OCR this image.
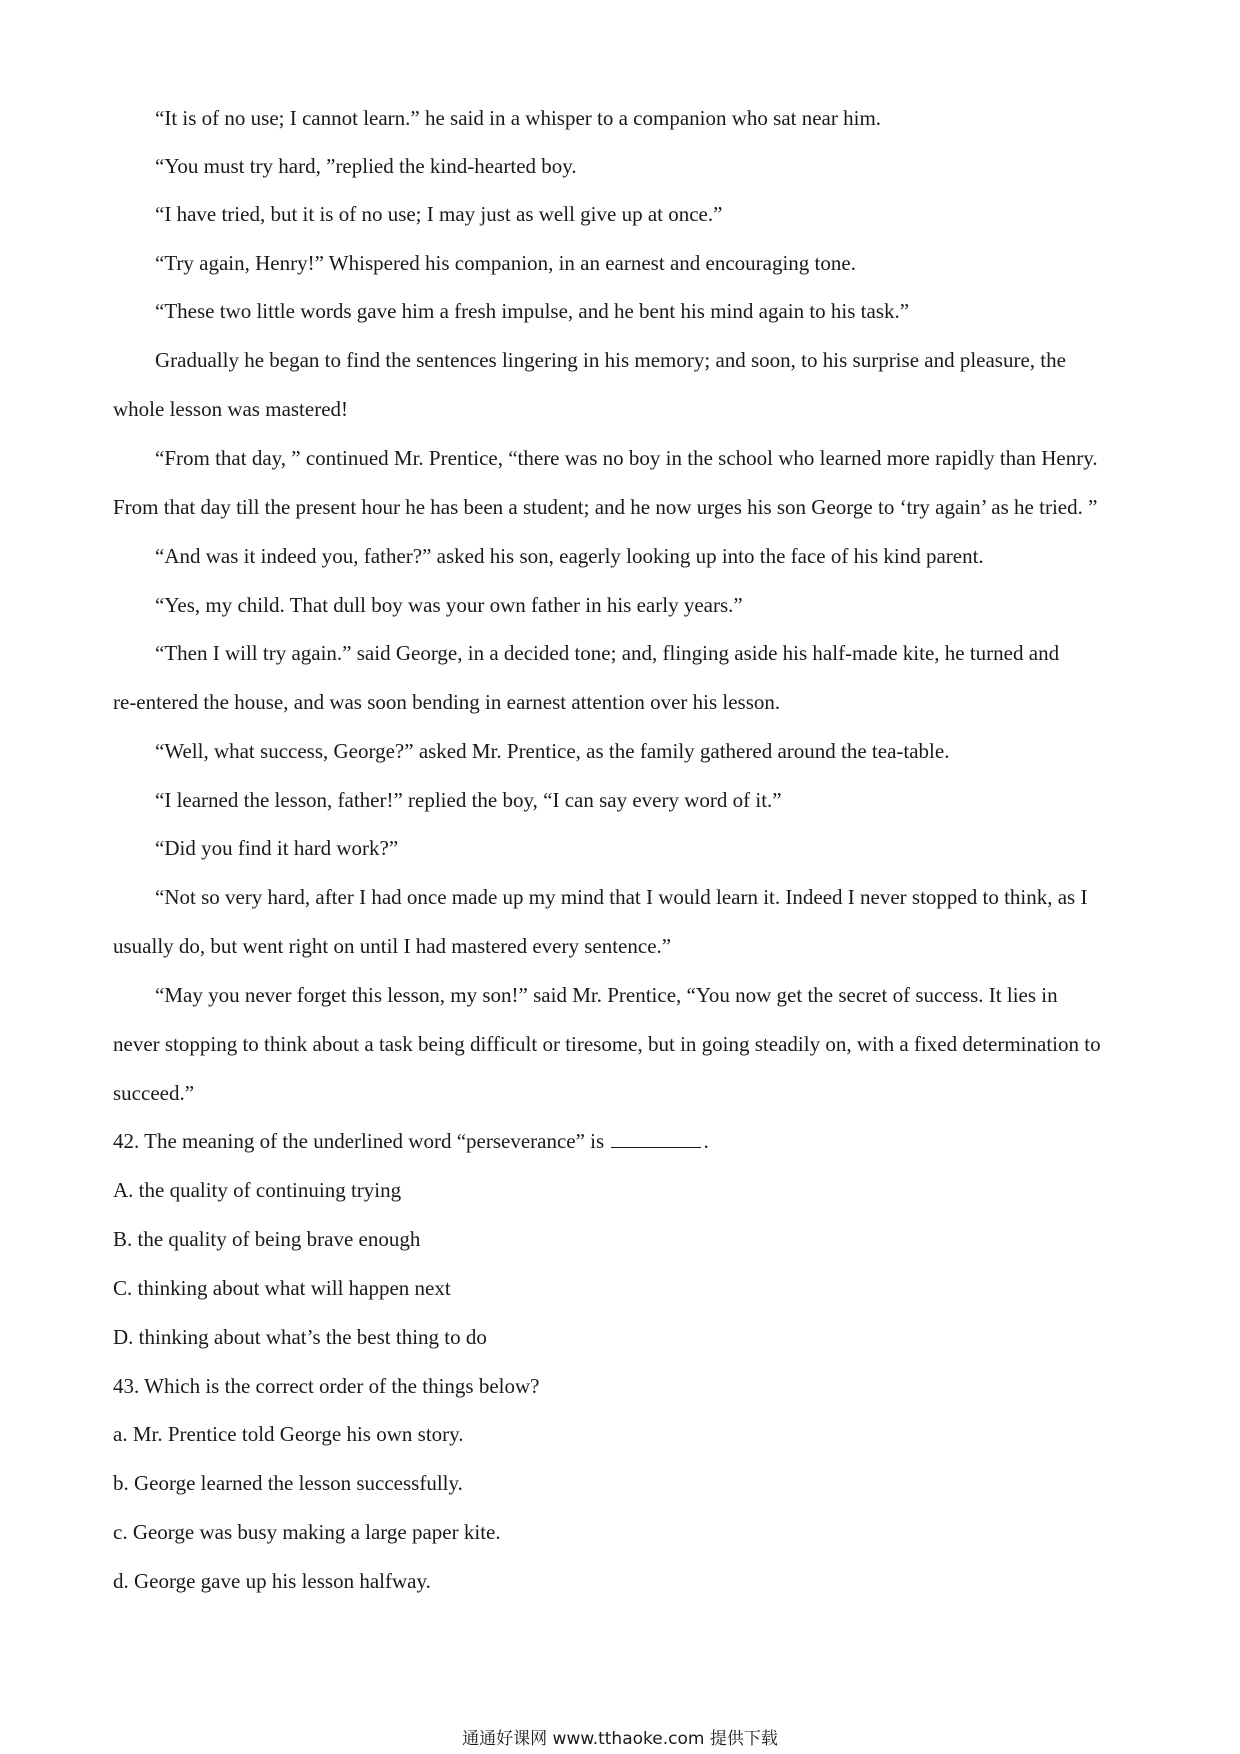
“It is of no use; I cannot learn.” he said in a whisper to a companion who sat near him.
“You must try hard, ”replied the kind-hearted boy.
“I have tried, but it is of no use; I may just as well give up at once.”
“Try again, Henry!” Whispered his companion, in an earnest and encouraging tone.
“These two little words gave him a fresh impulse, and he bent his mind again to his task.”
Gradually he began to find the sentences lingering in his memory; and soon, to his surprise and pleasure, the
whole lesson was mastered!
“From that day, ” continued Mr. Prentice, “there was no boy in the school who learned more rapidly than Henry.
From that day till the present hour he has been a student; and he now urges his son George to ‘try again’ as he tried. ”
“And was it indeed you, father?” asked his son, eagerly looking up into the face of his kind parent.
“Yes, my child. That dull boy was your own father in his early years.”
“Then I will try again.” said George, in a decided tone; and, flinging aside his half-made kite, he turned and
re-entered the house, and was soon bending in earnest attention over his lesson.
“Well, what success, George?” asked Mr. Prentice, as the family gathered around the tea-table.
“I learned the lesson, father!” replied the boy, “I can say every word of it.”
“Did you find it hard work?”
“Not so very hard, after I had once made up my mind that I would learn it. Indeed I never stopped to think, as I
usually do, but went right on until I had mastered every sentence.”
“May you never forget this lesson, my son!” said Mr. Prentice, “You now get the secret of success. It lies in
never stopping to think about a task being difficult or tiresome, but in going steadily on, with a fixed determination to
succeed.”
42. The meaning of the underlined word “perseverance” is	.
A. the quality of continuing trying
B. the quality of being brave enough
C. thinking about what will happen next
D. thinking about what’s the best thing to do
43. Which is the correct order of the things below?
a. Mr. Prentice told George his own story.
b. George learned the lesson successfully.
c. George was busy making a large paper kite.
d. George gave up his lesson halfway.
通通好课网 www.tthaoke.com 提供下载
